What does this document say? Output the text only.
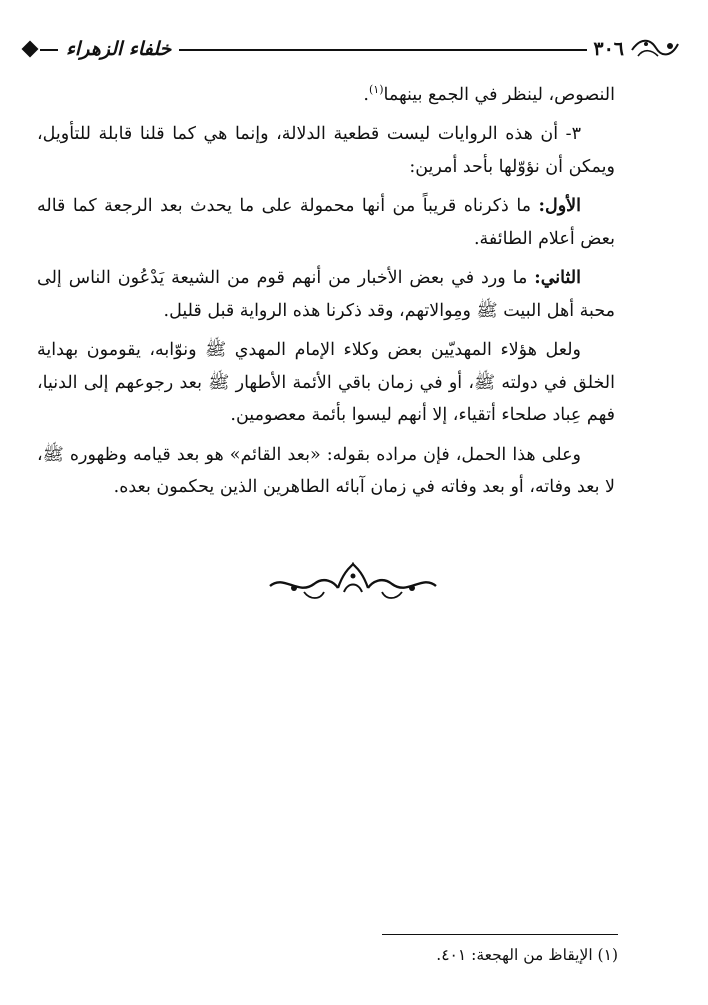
خلفاء الزهراء	٣٠٦

النصوص، لينظر في الجمع بينهما$^{(١)}$.

٣- أن هذه الروايات ليست قطعية الدلالة، وإنما هي كما قلنا قابلة للتأويل، ويمكن أن نؤوّلها بأحد أمرين:

الأول: ما ذكرناه قريباً من أنها محمولة على ما يحدث بعد الرجعة كما قاله بعض أعلام الطائفة.

الثاني: ما ورد في بعض الأخبار من أنهم قوم من الشيعة يَدْعُون الناس إلى محبة أهل البيت ﷺ ومِوالاتهم، وقد ذكرنا هذه الرواية قبل قليل.

ولعل هؤلاء المهديّين بعض وكلاء الإمام المهدي ﷺ ونوّابه، يقومون بهداية الخلق في دولته ﷺ، أو في زمان باقي الأئمة الأطهار ﷺ بعد رجوعهم إلى الدنيا، فهم عِباد صلحاء أتقياء، إلا أنهم ليسوا بأئمة معصومين.

وعلى هذا الحمل، فإن مراده بقوله: «بعد القائم» هو بعد قيامه وظهوره ﷺ، لا بعد وفاته، أو بعد وفاته في زمان آبائه الطاهرين الذين يحكمون بعده.

(١) الإيقاظ من الهجعة: ٤٠١.
